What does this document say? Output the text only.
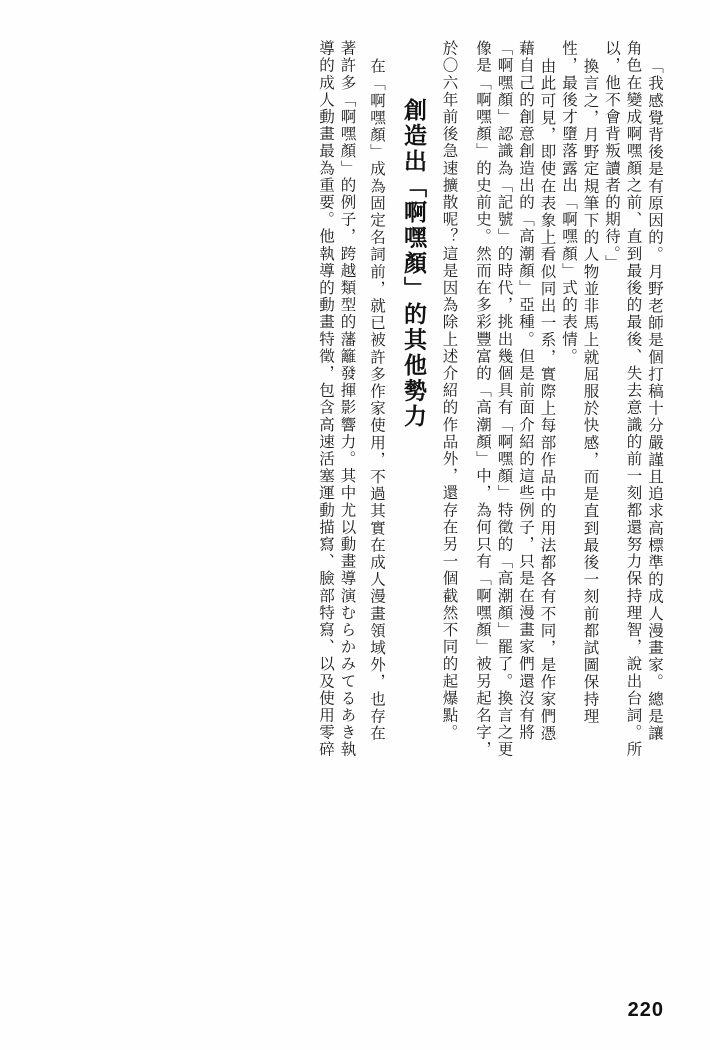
「我感覺背後是有原因的。月野老師是個打稿十分嚴謹且追求高標準的成人漫畫家。總是讓
角色在變成啊嘿顏之前、直到最後的最後、失去意識的前一刻都還努力保持理智，說出台詞。所
以，他不會背叛讀者的期待。」
換言之，月野定規筆下的人物並非馬上就屈服於快感，而是直到最後一刻前都試圖保持理
性，最後才墮落露出「啊嘿顏」式的表情。
由此可見，即使在表象上看似同出一系，實際上每部作品中的用法都各有不同，是作家們憑
藉自己的創意創造出的「高潮顏」亞種。但是前面介紹的這些例子，只是在漫畫家們還沒有將
「啊嘿顏」認識為「記號」的時代，挑出幾個具有「啊嘿顏」特徵的「高潮顏」罷了。換言之更
像是「啊嘿顏」的史前史。然而在多彩豐富的「高潮顏」中，為何只有「啊嘿顏」被另起名字，
於〇六年前後急速擴散呢？這是因為除上述介紹的作品外，還存在另一個截然不同的起爆點。
創造出「啊嘿顏」的其他勢力
在「啊嘿顏」成為固定名詞前，就已被許多作家使用，不過其實在成人漫畫領域外，也存在
著許多「啊嘿顏」的例子，跨越類型的藩籬發揮影響力。其中尤以動畫導演むらかみてるあき執
導的成人動畫最為重要。他執導的動畫特徵，包含高速活塞運動描寫、臉部特寫、以及使用零碎
220
